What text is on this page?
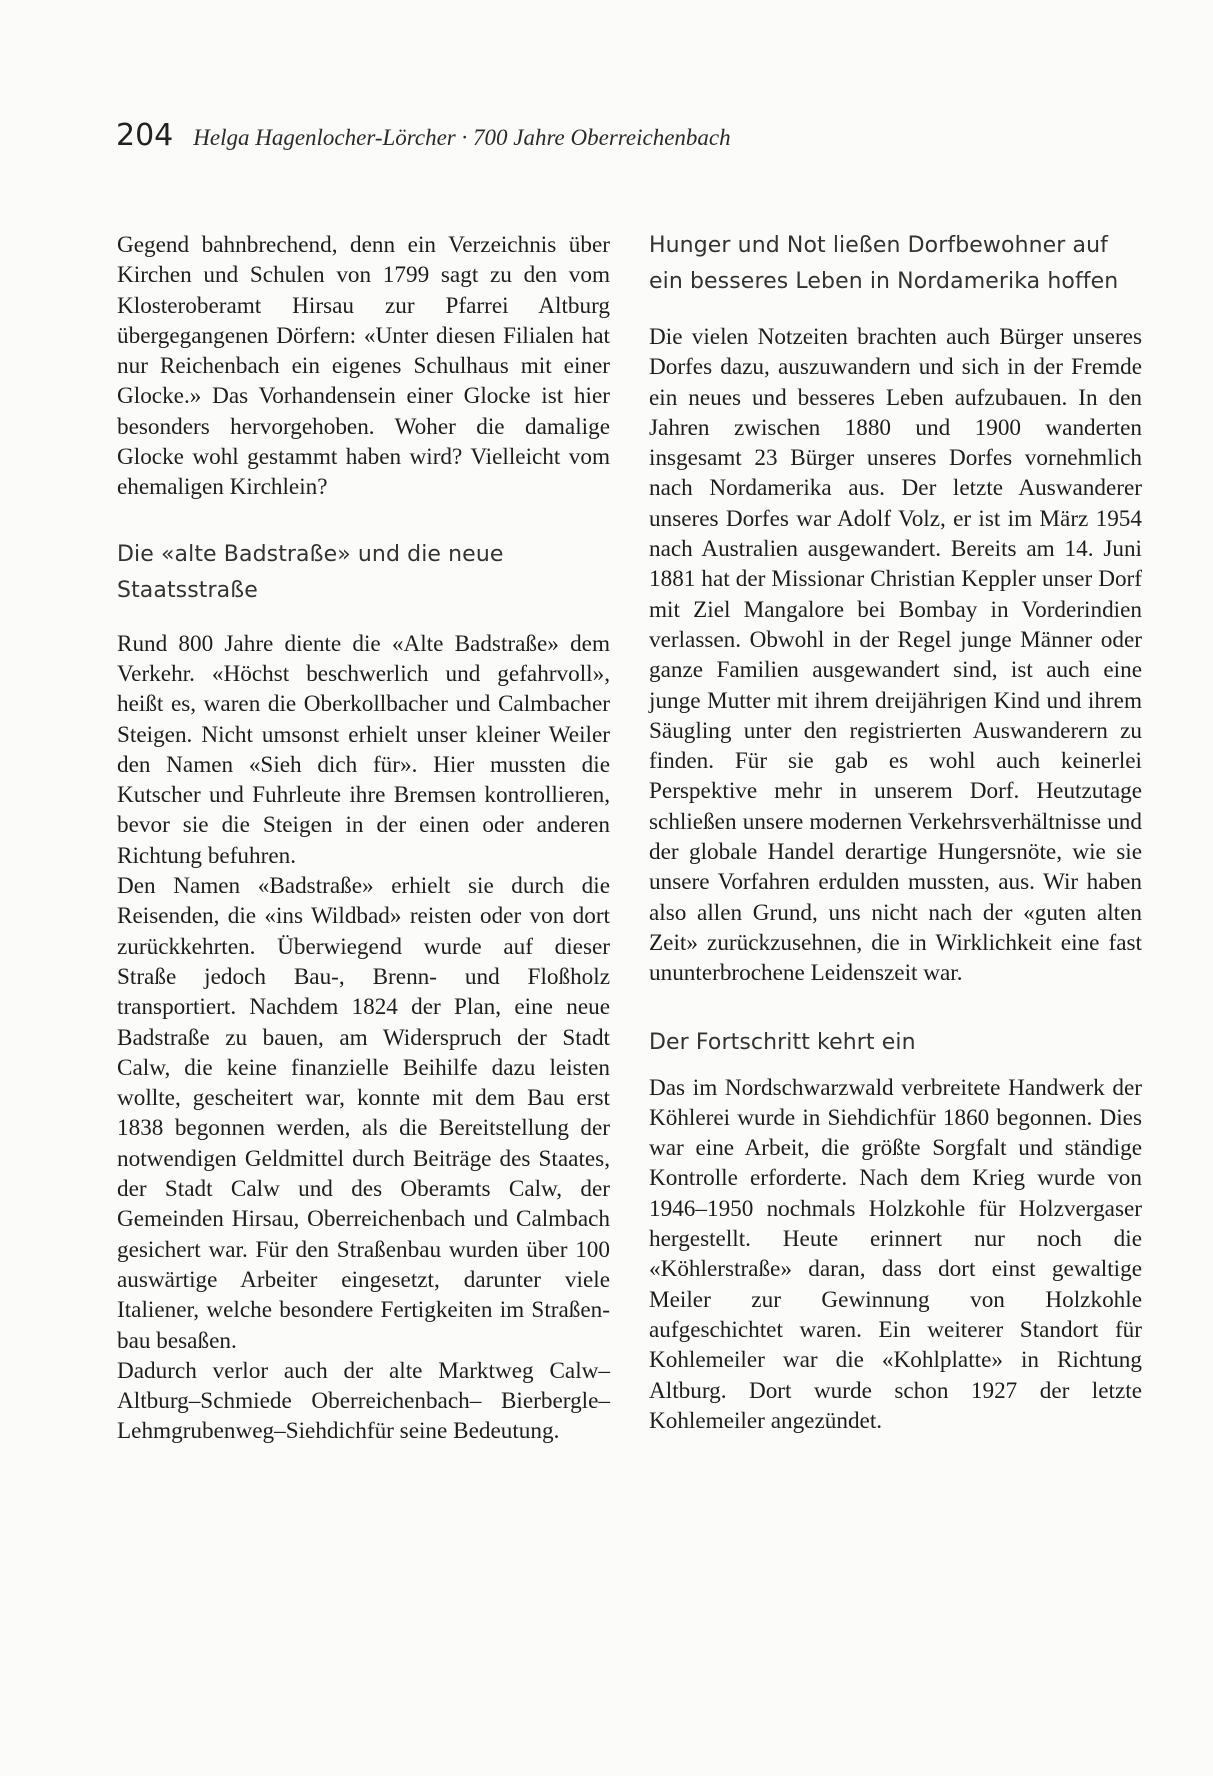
204 Helga Hagenlocher-Lörcher · 700 Jahre Oberreichenbach

Gegend bahnbrechend, denn ein Verzeichnis über Kirchen und Schulen von 1799 sagt zu den vom Klosteroberamt Hirsau zur Pfarrei Altburg übergegangenen Dörfern: «Unter diesen Filialen hat nur Reichenbach ein eigenes Schulhaus mit einer Glocke.» Das Vorhandensein einer Glocke ist hier besonders hervorgehoben. Woher die damalige Glocke wohl gestammt haben wird? Vielleicht vom ehemaligen Kirchlein?

Die «alte Badstraße» und die neue Staatsstraße

Rund 800 Jahre diente die «Alte Badstraße» dem Verkehr. «Höchst beschwerlich und gefahrvoll», heißt es, waren die Oberkollbacher und Calmbacher Steigen. Nicht umsonst erhielt unser kleiner Weiler den Namen «Sieh dich für». Hier mussten die Kutscher und Fuhrleute ihre Bremsen kontrollieren, bevor sie die Steigen in der einen oder anderen Richtung befuhren.

Den Namen «Badstraße» erhielt sie durch die Reisenden, die «ins Wildbad» reisten oder von dort zurückkehrten. Überwiegend wurde auf dieser Straße jedoch Bau-, Brenn- und Floßholz transportiert. Nachdem 1824 der Plan, eine neue Badstraße zu bauen, am Widerspruch der Stadt Calw, die keine finanzielle Beihilfe dazu leisten wollte, gescheitert war, konnte mit dem Bau erst 1838 begonnen werden, als die Bereitstellung der notwendigen Geldmittel durch Beiträge des Staates, der Stadt Calw und des Oberamts Calw, der Gemeinden Hirsau, Oberreichenbach und Calmbach gesichert war. Für den Straßenbau wurden über 100 auswärtige Arbeiter eingesetzt, darunter viele Italiener, welche besondere Fertigkeiten im Straßenbau besaßen.

Dadurch verlor auch der alte Marktweg Calw–Altburg–Schmiede Oberreichenbach– Bierbergle–Lehmgrubenweg–Siehdichfür seine Bedeutung.

Hunger und Not ließen Dorfbewohner auf ein besseres Leben in Nordamerika hoffen

Die vielen Notzeiten brachten auch Bürger unseres Dorfes dazu, auszuwandern und sich in der Fremde ein neues und besseres Leben aufzubauen. In den Jahren zwischen 1880 und 1900 wanderten insgesamt 23 Bürger unseres Dorfes vornehmlich nach Nordamerika aus. Der letzte Auswanderer unseres Dorfes war Adolf Volz, er ist im März 1954 nach Australien ausgewandert. Bereits am 14. Juni 1881 hat der Missionar Christian Keppler unser Dorf mit Ziel Mangalore bei Bombay in Vorderindien verlassen. Obwohl in der Regel junge Männer oder ganze Familien ausgewandert sind, ist auch eine junge Mutter mit ihrem dreijährigen Kind und ihrem Säugling unter den registrierten Auswanderern zu finden. Für sie gab es wohl auch keinerlei Perspektive mehr in unserem Dorf. Heutzutage schließen unsere modernen Verkehrsverhältnisse und der globale Handel derartige Hungersnöte, wie sie unsere Vorfahren erdulden mussten, aus. Wir haben also allen Grund, uns nicht nach der «guten alten Zeit» zurückzusehnen, die in Wirklichkeit eine fast ununterbrochene Leidenszeit war.

Der Fortschritt kehrt ein

Das im Nordschwarzwald verbreitete Handwerk der Köhlerei wurde in Siehdichfür 1860 begonnen. Dies war eine Arbeit, die größte Sorgfalt und ständige Kontrolle erforderte. Nach dem Krieg wurde von 1946–1950 nochmals Holzkohle für Holzvergaser hergestellt. Heute erinnert nur noch die «Köhlerstraße» daran, dass dort einst gewaltige Meiler zur Gewinnung von Holzkohle aufgeschichtet waren. Ein weiterer Standort für Kohlemeiler war die «Kohlplatte» in Richtung Altburg. Dort wurde schon 1927 der letzte Kohlemeiler angezündet.
